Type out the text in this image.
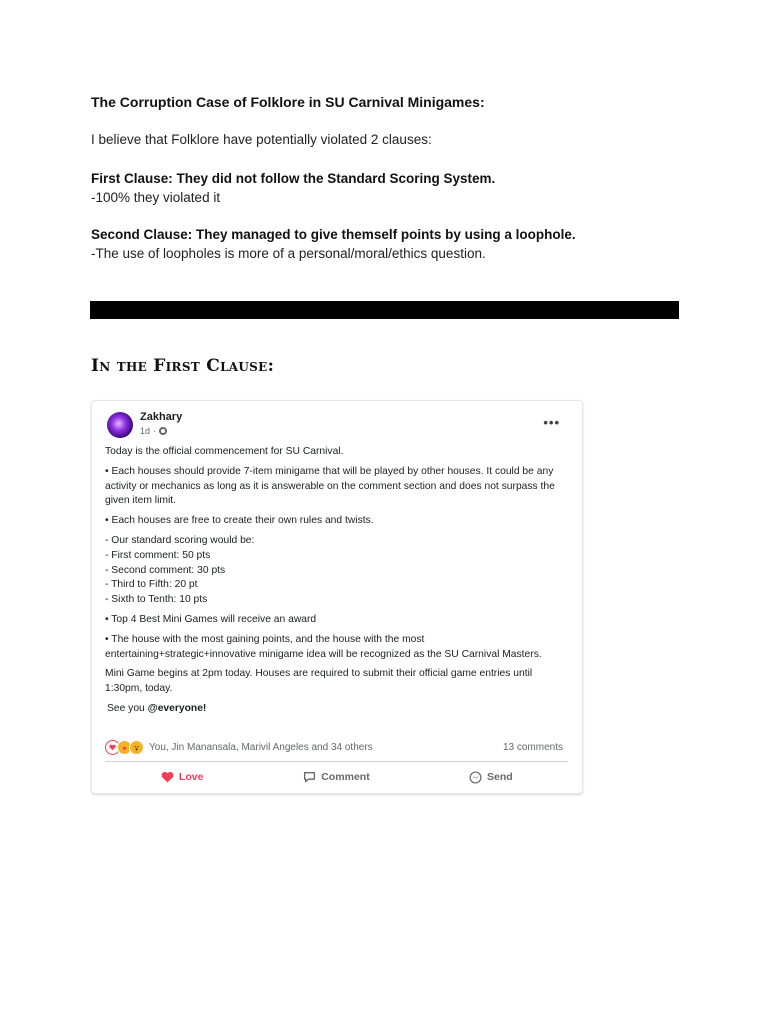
The Corruption Case of Folklore in SU Carnival Minigames:
I believe that Folklore have potentially violated 2 clauses:
First Clause: They did not follow the Standard Scoring System.
-100% they violated it
Second Clause: They managed to give themself points by using a loophole.
-The use of loopholes is more of a personal/moral/ethics question.
In the First Clause:
Zakhary
1d ·
•••

Today is the official commencement for SU Carnival.

• Each houses should provide 7-item minigame that will be played by other houses. It could be any activity or mechanics as long as it is answerable on the comment section and does not surpass the given item limit.

• Each houses are free to create their own rules and twists.

- Our standard scoring would be:

- First comment: 50 pts

- Second comment: 30 pts

- Third to Fifth: 20 pt

- Sixth to Tenth: 10 pts

• Top 4 Best Mini Games will receive an award

• The house with the most gaining points, and the house with the most entertaining+strategic+innovative minigame idea will be recognized as the SU Carnival Masters.

Mini Game begins at 2pm today. Houses are required to submit their official game entries until 1:30pm, today.

See you @everyone!

You, Jin Manansala, Marivil Angeles and 34 others	13 comments
Love	Comment	Send
